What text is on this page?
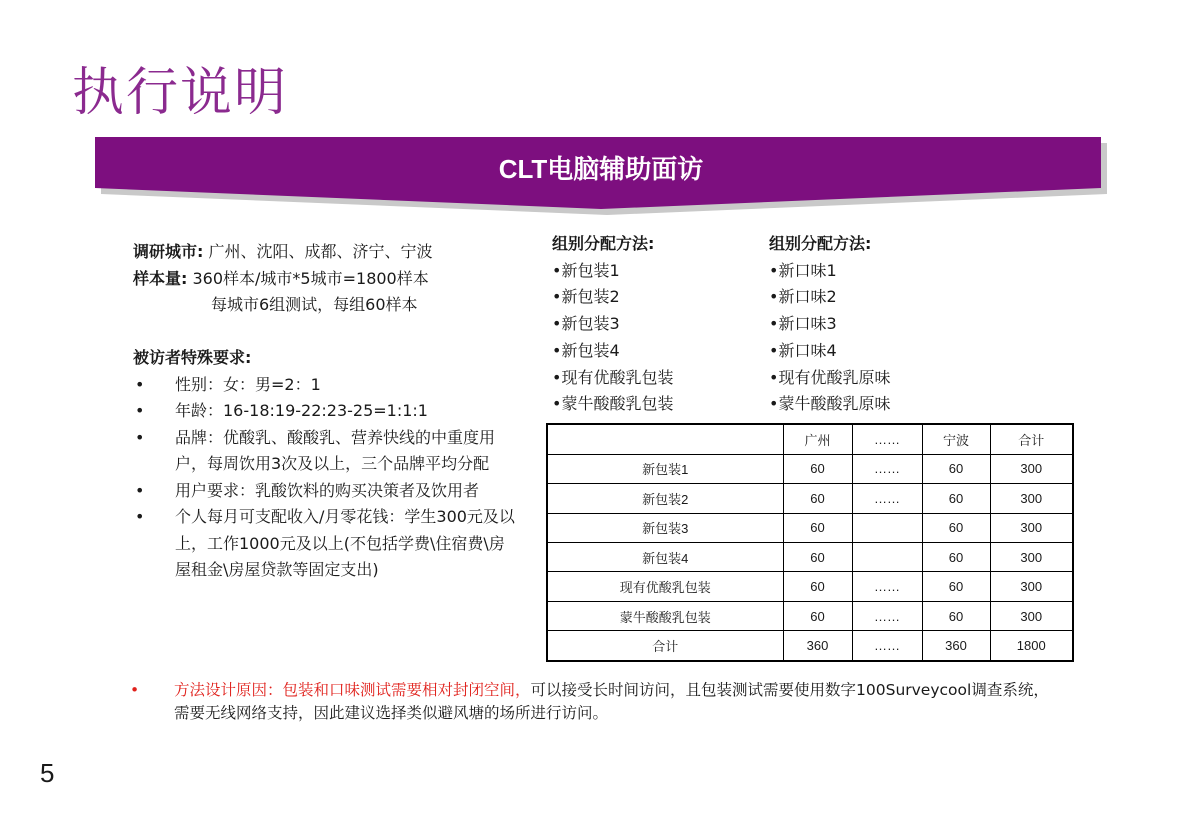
执行说明
CLT电脑辅助面访
调研城市: 广州、沈阳、成都、济宁、宁波
样本量: 360样本/城市*5城市=1800样本
每城市6组测试，每组60样本
被访者特殊要求:
• 性别：女：男=2：1
• 年龄：16-18:19-22:23-25=1:1:1
• 品牌：优酸乳、酸酸乳、营养快线的中重度用户，每周饮用3次及以上，三个品牌平均分配
• 用户要求：乳酸饮料的购买决策者及饮用者
• 个人每月可支配收入/月零花钱：学生300元及以上，工作1000元及以上(不包括学费\住宿费\房屋租金\房屋贷款等固定支出)
组别分配方法:
• 新包装1
• 新包装2
• 新包装3
• 新包装4
• 现有优酸乳包装
• 蒙牛酸酸乳包装
组别分配方法:
• 新口味1
• 新口味2
• 新口味3
• 新口味4
• 现有优酸乳原味
• 蒙牛酸酸乳原味
	广州	……	宁波	合计
新包装1	60	……	60	300
新包装2	60	……	60	300
新包装3	60		60	300
新包装4	60		60	300
现有优酸乳包装	60	……	60	300
蒙牛酸酸乳包装	60	……	60	300
合计	360	……	360	1800
•	方法设计原因：包装和口味测试需要相对封闭空间，可以接受长时间访问，且包装测试需要使用数字100Surveycool调查系统，需要无线网络支持，因此建议选择类似避风塘的场所进行访问。
5
